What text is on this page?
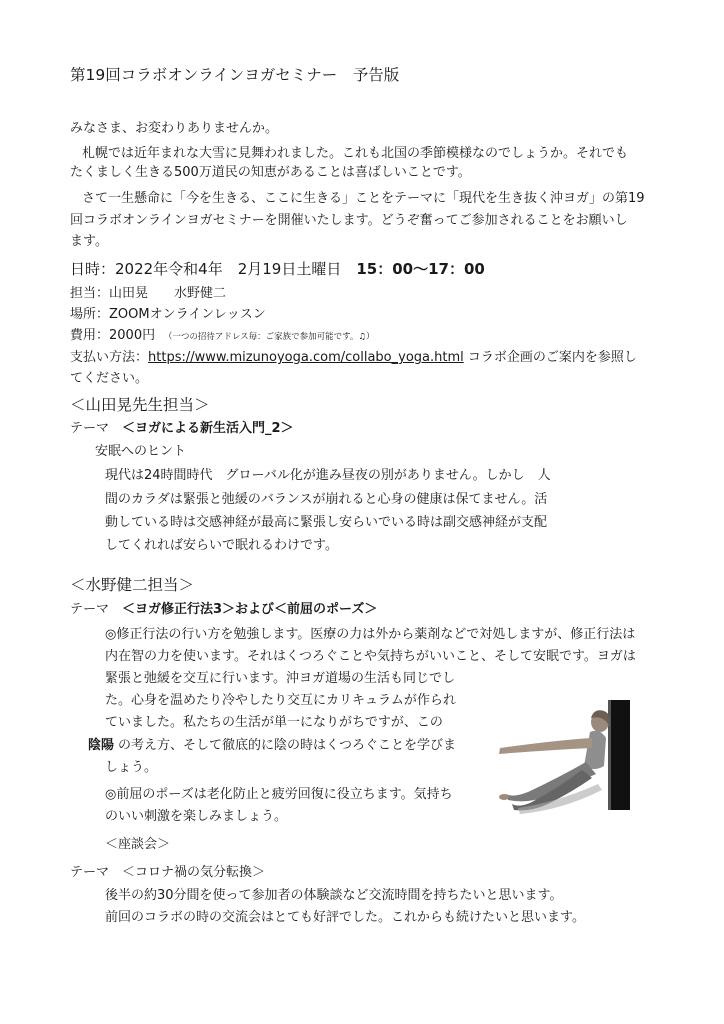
第19回コラボオンラインヨガセミナー　予告版
みなさま、お変わりありませんか。
札幌では近年まれな大雪に見舞われました。これも北国の季節模様なのでしょうか。それでも
たくましく生きる500万道民の知恵があることは喜ばしいことです。
さて一生懸命に「今を生きる、ここに生きる」ことをテーマに「現代を生き抜く沖ヨガ」の第19
回コラボオンラインヨガセミナーを開催いたします。どうぞ奮ってご参加されることをお願いし
ます。
日時：2022年令和4年　2月19日土曜日　15：00〜17：00
担当：山田晃　　水野健二
場所：ZOOMオンラインレッスン
費用：2000円　（一つの招待アドレス毎：ご家族で参加可能です。♫）
支払い方法：https://www.mizunoyoga.com/collabo_yoga.html コラボ企画のご案内を参照し
てください。
＜山田晃先生担当＞
テーマ　＜ヨガによる新生活入門_2＞
安眠へのヒント
現代は24時間時代　グローバル化が進み昼夜の別がありません。しかし　人
間のカラダは緊張と弛緩のバランスが崩れると心身の健康は保てません。活
動している時は交感神経が最高に緊張し安らいでいる時は副交感神経が支配
してくれれば安らいで眠れるわけです。
＜水野健二担当＞
テーマ　＜ヨガ修正行法3＞および＜前屈のポーズ＞
◎修正行法の行い方を勉強します。医療の力は外から薬剤などで対処しますが、修正行法は
内在智の力を使います。それはくつろぐことや気持ちがいいこと、そして安眠です。ヨガは
緊張と弛緩を交互に行います。沖ヨガ道場の生活も同じでし
た。心身を温めたり冷やしたり交互にカリキュラムが作られ
ていました。私たちの生活が単一になりがちですが、この
陰陽 の考え方、そして徹底的に陰の時はくつろぐことを学びま
しょう。
◎前屈のポーズは老化防止と疲労回復に役立ちます。気持ち
のいい刺激を楽しみましょう。
＜座談会＞
テーマ　＜コロナ禍の気分転換＞
後半の約30分間を使って参加者の体験談など交流時間を持ちたいと思います。
前回のコラボの時の交流会はとても好評でした。これからも続けたいと思います。
